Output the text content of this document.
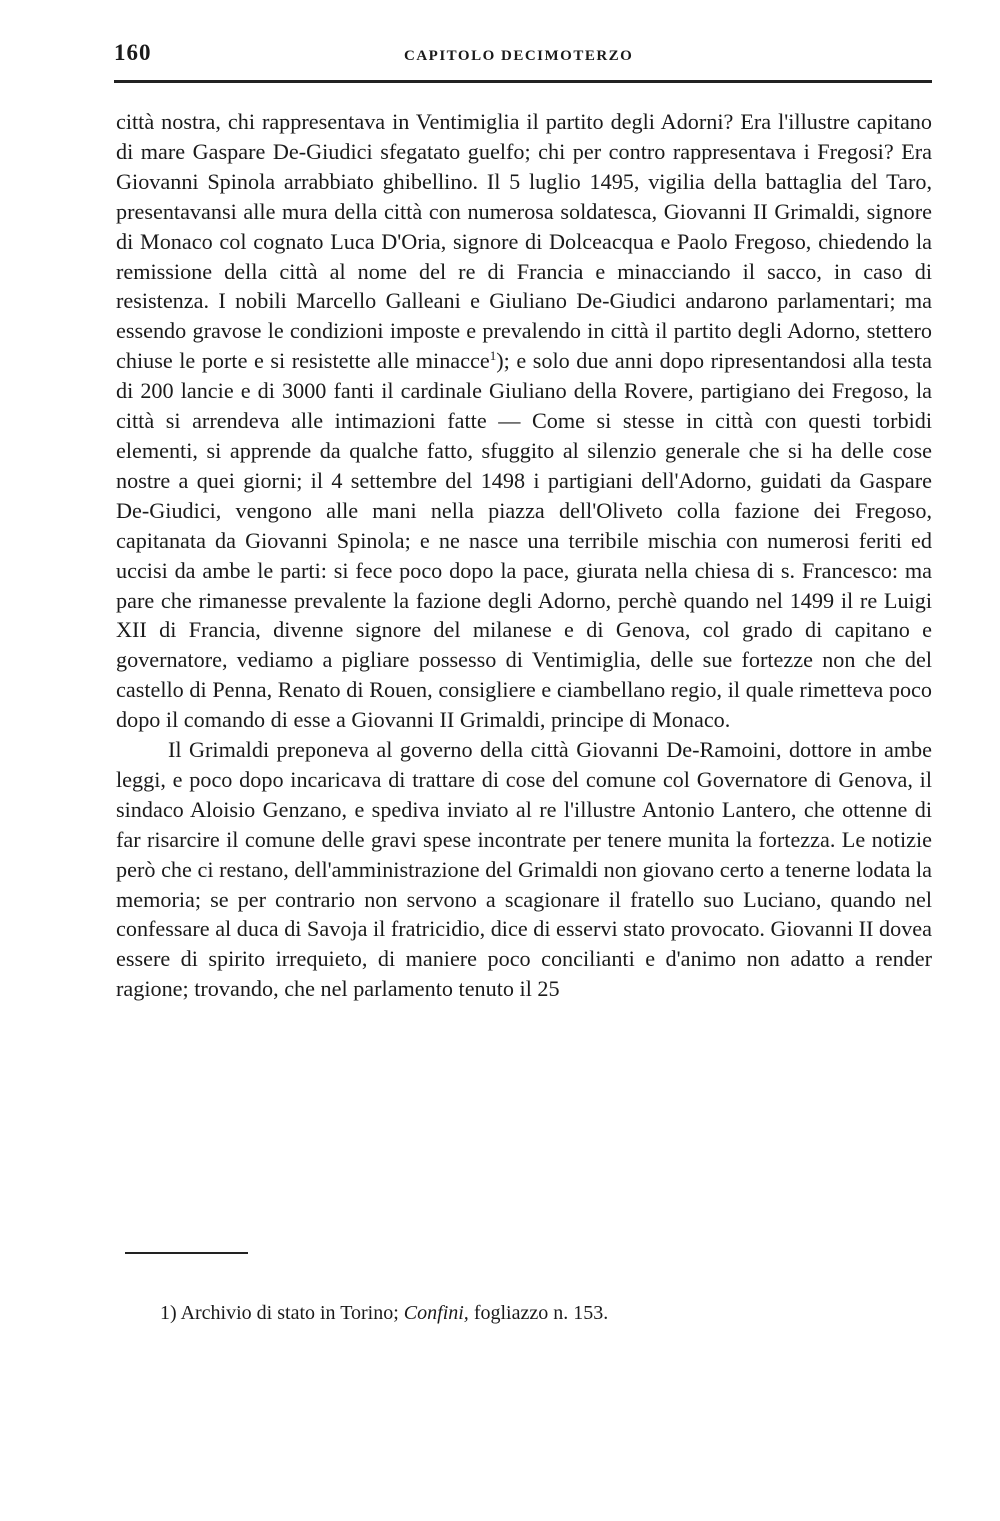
160	CAPITOLO DECIMOTERZO

città nostra, chi rappresentava in Ventimiglia il partito degli Adorni? Era l'illustre capitano di mare Gaspare De-Giudici sfegatato guelfo; chi per contro rappresentava i Fregosi? Era Giovanni Spinola arrabbiato ghibellino. Il 5 luglio 1495, vigilia della battaglia del Taro, presentavansi alle mura della città con numerosa soldatesca, Giovanni II Grimaldi, signore di Monaco col cognato Luca D'Oria, signore di Dolceacqua e Paolo Fregoso, chiedendo la remissione della città al nome del re di Francia e minacciando il sacco, in caso di resistenza. I nobili Marcello Galleani e Giuliano De-Giudici andarono parlamentari; ma essendo gravose le condizioni imposte e prevalendo in città il partito degli Adorno, stettero chiuse le porte e si resistette alle minacce$^1$); e solo due anni dopo ripresentandosi alla testa di 200 lancie e di 3000 fanti il cardinale Giuliano della Rovere, partigiano dei Fregoso, la città si arrendeva alle intimazioni fatte — Come si stesse in città con questi torbidi elementi, si apprende da qualche fatto, sfuggito al silenzio generale che si ha delle cose nostre a quei giorni; il 4 settembre del 1498 i partigiani dell'Adorno, guidati da Gaspare De-Giudici, vengono alle mani nella piazza dell'Oliveto colla fazione dei Fregoso, capitanata da Giovanni Spinola; e ne nasce una terribile mischia con numerosi feriti ed uccisi da ambe le parti: si fece poco dopo la pace, giurata nella chiesa di s. Francesco: ma pare che rimanesse prevalente la fazione degli Adorno, perchè quando nel 1499 il re Luigi XII di Francia, divenne signore del milanese e di Genova, col grado di capitano e governatore, vediamo a pigliare possesso di Ventimiglia, delle sue fortezze non che del castello di Penna, Renato di Rouen, consigliere e ciambellano regio, il quale rimetteva poco dopo il comando di esse a Giovanni II Grimaldi, principe di Monaco.

Il Grimaldi preponeva al governo della città Giovanni De-Ramoini, dottore in ambe leggi, e poco dopo incaricava di trattare di cose del comune col Governatore di Genova, il sindaco Aloisio Genzano, e spediva inviato al re l'illustre Antonio Lantero, che ottenne di far risarcire il comune delle gravi spese incontrate per tenere munita la fortezza. Le notizie però che ci restano, dell'amministrazione del Grimaldi non giovano certo a tenerne lodata la memoria; se per contrario non servono a scagionare il fratello suo Luciano, quando nel confessare al duca di Savoja il fratricidio, dice di esservi stato provocato. Giovanni II dovea essere di spirito irrequieto, di maniere poco concilianti e d'animo non adatto a render ragione; trovando, che nel parlamento tenuto il 25

1) Archivio di stato in Torino; Confini, fogliazzo n. 153.
